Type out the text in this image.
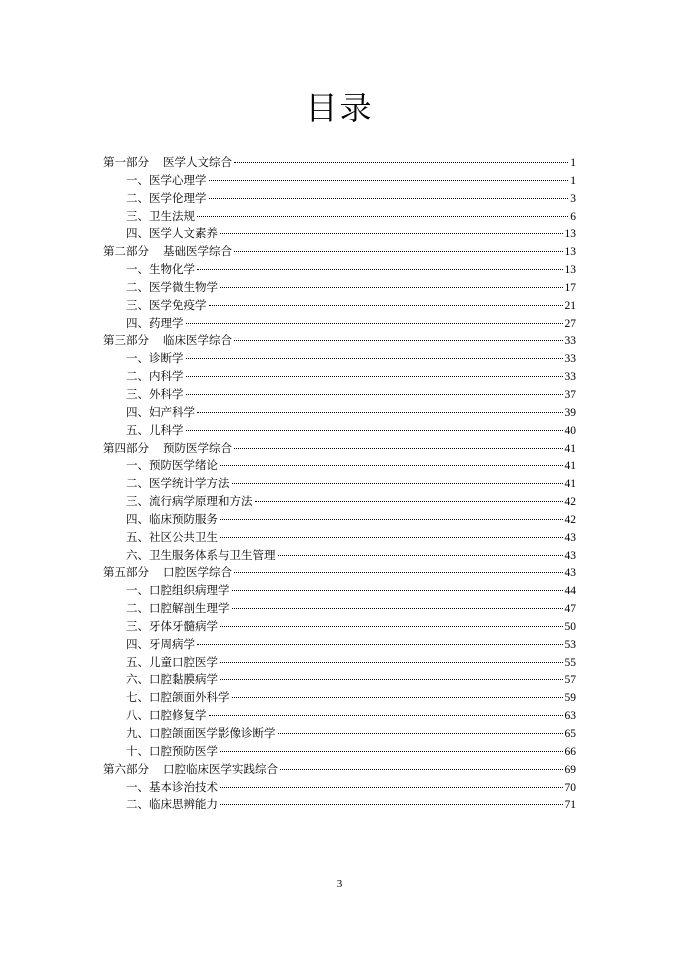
目录
第一部分 医学人文综合	1
一、医学心理学	1
二、医学伦理学	3
三、卫生法规	6
四、医学人文素养	13
第二部分 基础医学综合	13
一、生物化学	13
二、医学微生物学	17
三、医学免疫学	21
四、药理学	27
第三部分 临床医学综合	33
一、诊断学	33
二、内科学	33
三、外科学	37
四、妇产科学	39
五、儿科学	40
第四部分 预防医学综合	41
一、预防医学绪论	41
二、医学统计学方法	41
三、流行病学原理和方法	42
四、临床预防服务	42
五、社区公共卫生	43
六、卫生服务体系与卫生管理	43
第五部分 口腔医学综合	43
一、口腔组织病理学	44
二、口腔解剖生理学	47
三、牙体牙髓病学	50
四、牙周病学	53
五、儿童口腔医学	55
六、口腔黏膜病学	57
七、口腔颌面外科学	59
八、口腔修复学	63
九、口腔颌面医学影像诊断学	65
十、口腔预防医学	66
第六部分 口腔临床医学实践综合	69
一、基本诊治技术	70
二、临床思辨能力	71
3
